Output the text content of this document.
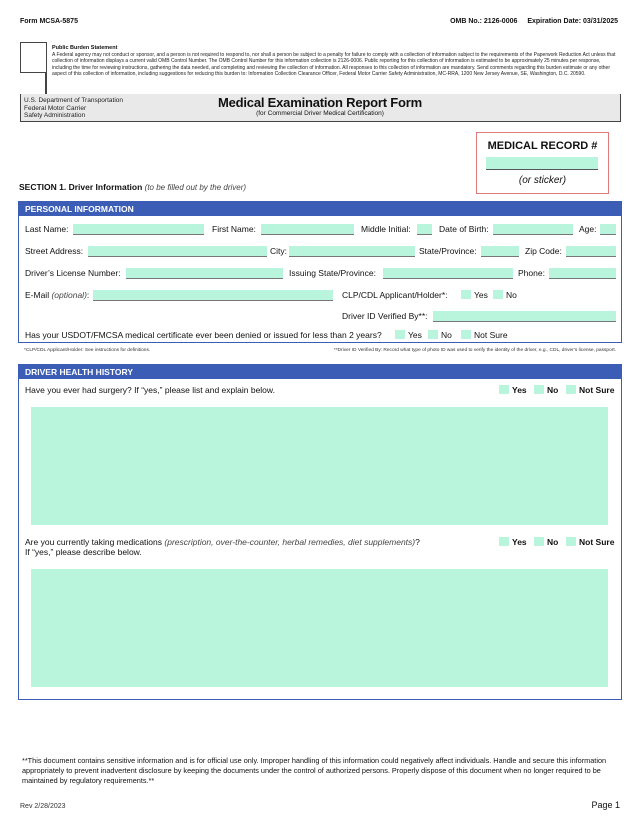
Form MCSA-5875	OMB No.: 2126-0006 Expiration Date: 03/31/2025
Public Burden Statement
A Federal agency may not conduct or sponsor, and a person is not required to respond to, nor shall a person be subject to a penalty for failure to comply with a collection of information subject to the requirements of the Paperwork Reduction Act unless that collection of information displays a current valid OMB Control Number. The OMB Control Number for this information collection is 2126-0006. Public reporting for this collection of information is estimated to be approximately 25 minutes per response, including the time for reviewing instructions, gathering the data needed, and completing and reviewing the collection of information. All responses to this collection of information are mandatory. Send comments regarding this burden estimate or any other aspect of this collection of information, including suggestions for reducing this burden to: Information Collection Clearance Officer, Federal Motor Carrier Safety Administration, MC-RRA, 1200 New Jersey Avenue, SE, Washington, D.C. 20590.
U.S. Department of Transportation
Federal Motor Carrier
Safety Administration
Medical Examination Report Form
(for Commercial Driver Medical Certification)
MEDICAL RECORD #
(or sticker)
SECTION 1. Driver Information (to be filled out by the driver)
PERSONAL INFORMATION
Last Name:	First Name:	Middle Initial:	Date of Birth:	Age:
Street Address:	City:	State/Province:	Zip Code:
Driver’s License Number:	Issuing State/Province:	Phone:
E-Mail (optional):	CLP/CDL Applicant/Holder*:	Yes	No
Driver ID Verified By**:
Has your USDOT/FMCSA medical certificate ever been denied or issued for less than 2 years?	Yes	No	Not Sure
*CLP/CDL Applicant/Holder: See instructions for definitions.	**Driver ID Verified By: Record what type of photo ID was used to verify the identity of the driver, e.g., CDL, driver’s license, passport.
DRIVER HEALTH HISTORY
Have you ever had surgery? If “yes,” please list and explain below.	Yes	No	Not Sure
Are you currently taking medications (prescription, over-the-counter, herbal remedies, diet supplements)?
If “yes,” please describe below.
Yes	No	Not Sure
**This document contains sensitive information and is for official use only. Improper handling of this information could negatively affect individuals. Handle and secure this information appropriately to prevent inadvertent disclosure by keeping the documents under the control of authorized persons. Properly dispose of this document when no longer required to be maintained by regulatory requirements.**
Rev 2/28/2023	Page 1
